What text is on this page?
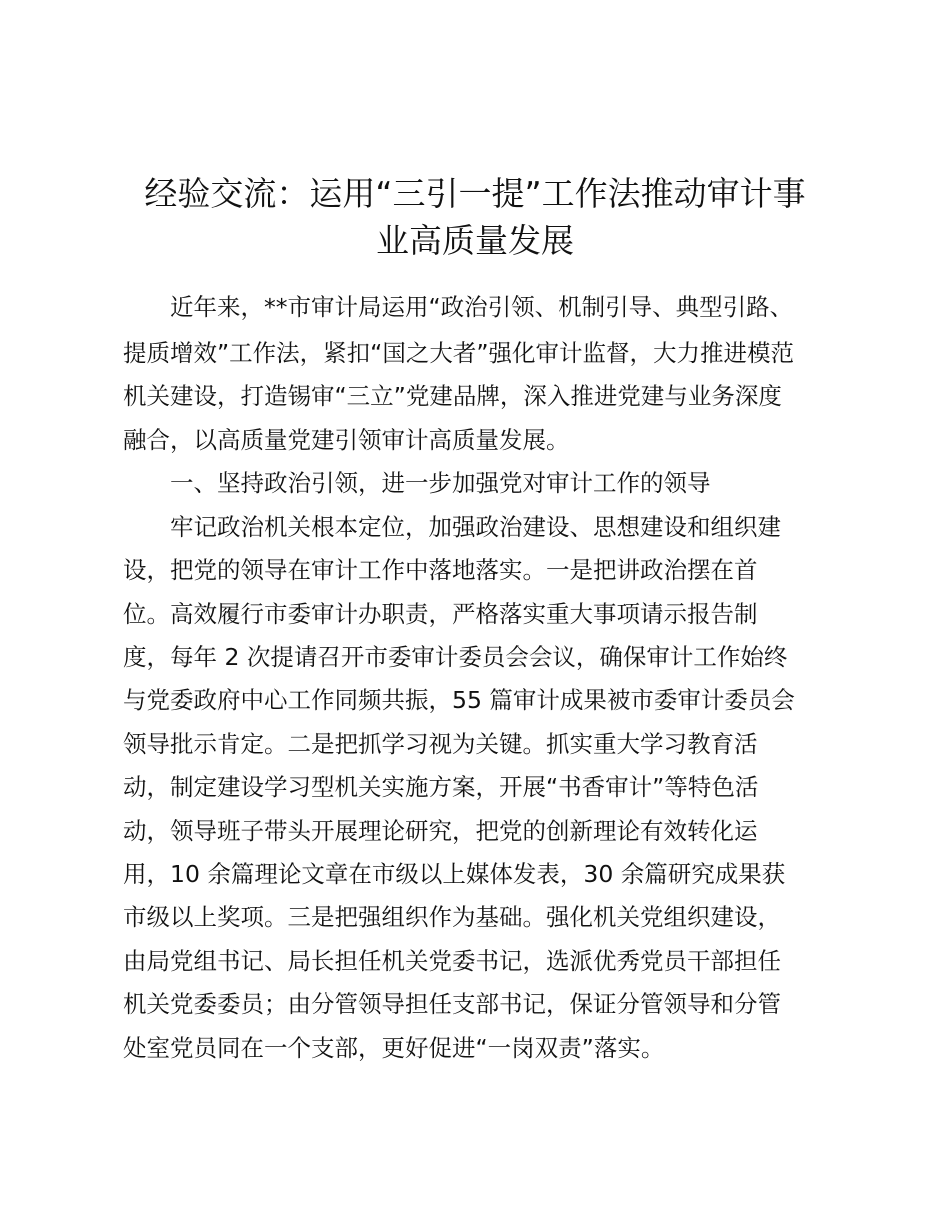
经验交流：运用“三引一提”工作法推动审计事
业高质量发展
近年来，**市审计局运用“政治引领、机制引导、典型引路、
提质增效”工作法，紧扣“国之大者”强化审计监督，大力推进模范
机关建设，打造锡审“三立”党建品牌，深入推进党建与业务深度
融合，以高质量党建引领审计高质量发展。
一、坚持政治引领，进一步加强党对审计工作的领导
牢记政治机关根本定位，加强政治建设、思想建设和组织建
设，把党的领导在审计工作中落地落实。一是把讲政治摆在首
位。高效履行市委审计办职责，严格落实重大事项请示报告制
度，每年 2 次提请召开市委审计委员会会议，确保审计工作始终
与党委政府中心工作同频共振，55 篇审计成果被市委审计委员会
领导批示肯定。二是把抓学习视为关键。抓实重大学习教育活
动，制定建设学习型机关实施方案，开展“书香审计”等特色活
动，领导班子带头开展理论研究，把党的创新理论有效转化运
用，10 余篇理论文章在市级以上媒体发表，30 余篇研究成果获
市级以上奖项。三是把强组织作为基础。强化机关党组织建设，
由局党组书记、局长担任机关党委书记，选派优秀党员干部担任
机关党委委员；由分管领导担任支部书记，保证分管领导和分管
处室党员同在一个支部，更好促进“一岗双责”落实。
